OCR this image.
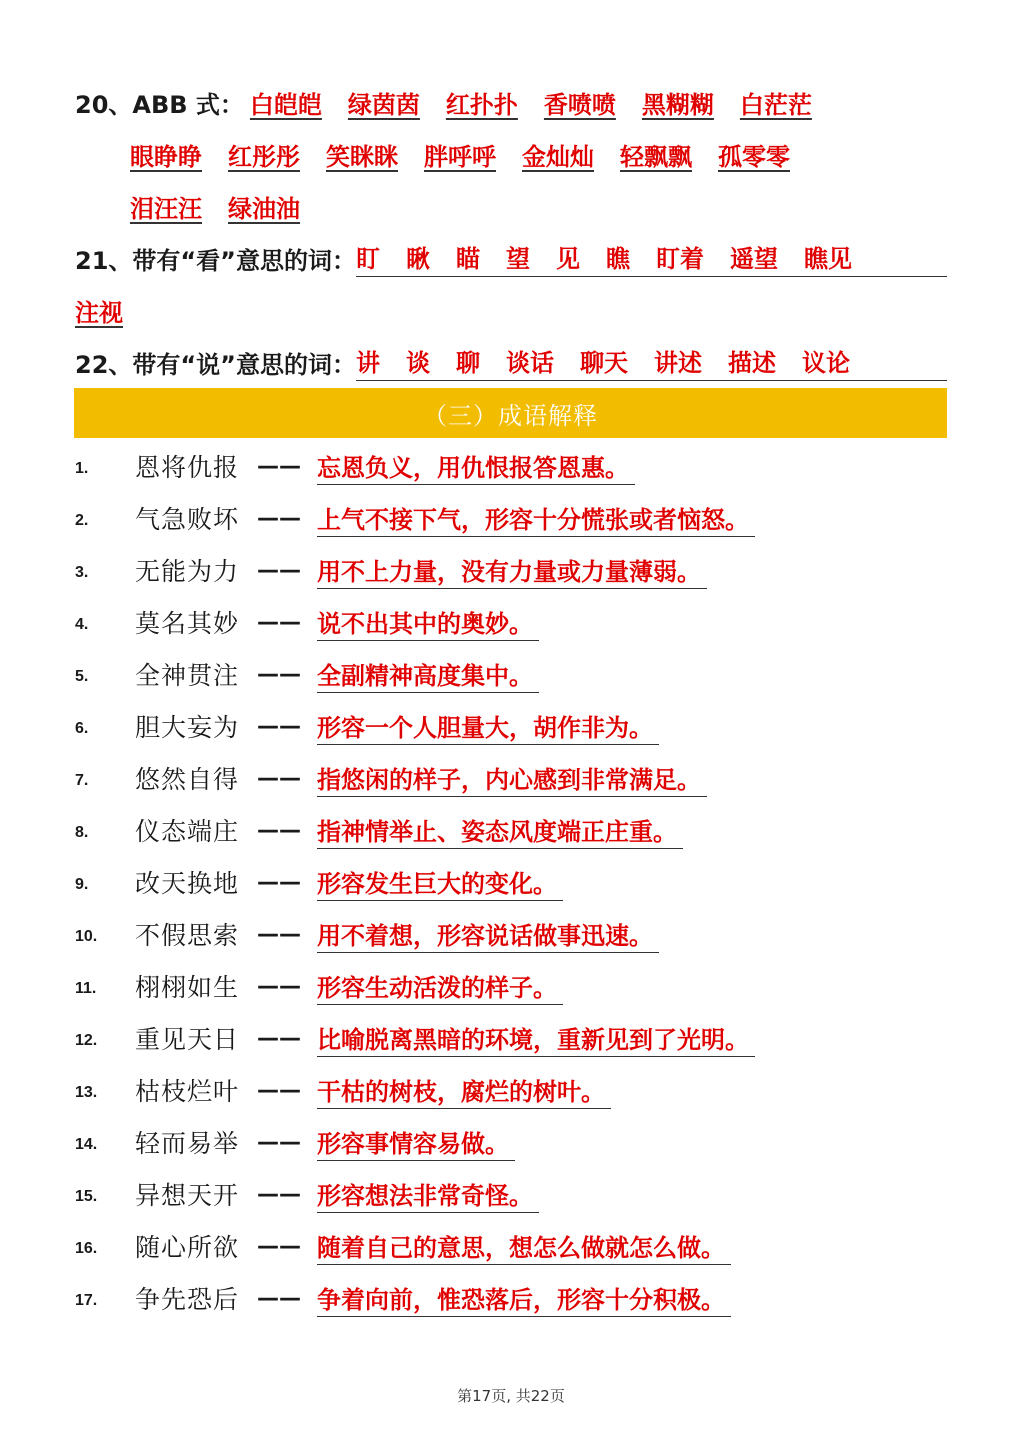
20、ABB 式： 白皑皑 绿茵茵 红扑扑 香喷喷 黑糊糊 白茫茫
眼睁睁 红彤彤 笑眯眯 胖呼呼 金灿灿 轻飘飘 孤零零
泪汪汪 绿油油
21、带有“看”意思的词： 盯 瞅 瞄 望 见 瞧 盯着 遥望 瞧见
注视
22、带有“说”意思的词： 讲 谈 聊 谈话 聊天 讲述 描述 议论
（三）成语解释
1.	恩将仇报 —— 忘恩负义，用仇恨报答恩惠。
2.	气急败坏 —— 上气不接下气，形容十分慌张或者恼怒。
3.	无能为力 —— 用不上力量，没有力量或力量薄弱。
4.	莫名其妙 —— 说不出其中的奥妙。
5.	全神贯注 —— 全副精神高度集中。
6.	胆大妄为 —— 形容一个人胆量大，胡作非为。
7.	悠然自得 —— 指悠闲的样子，内心感到非常满足。
8.	仪态端庄 —— 指神情举止、姿态风度端正庄重。
9.	改天换地 —— 形容发生巨大的变化。
10.	不假思索 —— 用不着想，形容说话做事迅速。
11.	栩栩如生 —— 形容生动活泼的样子。
12.	重见天日 —— 比喻脱离黑暗的环境，重新见到了光明。
13.	枯枝烂叶 —— 干枯的树枝，腐烂的树叶。
14.	轻而易举 —— 形容事情容易做。
15.	异想天开 —— 形容想法非常奇怪。
16.	随心所欲 —— 随着自己的意思，想怎么做就怎么做。
17.	争先恐后 —— 争着向前，惟恐落后，形容十分积极。
第17页, 共22页
